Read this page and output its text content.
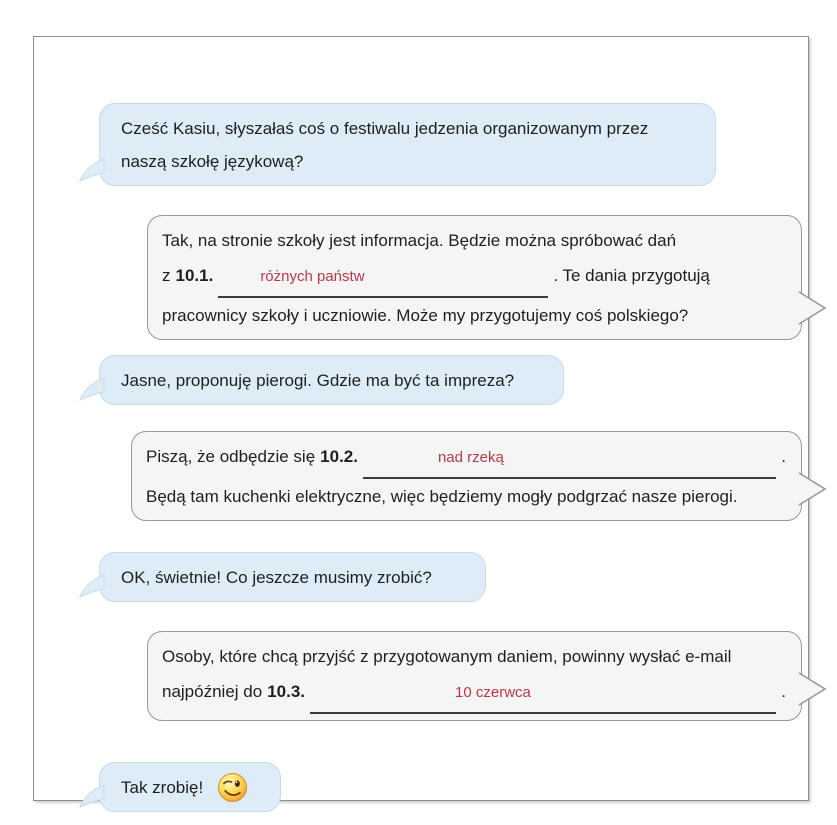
Cześć Kasiu, słyszałaś coś o festiwalu jedzenia organizowanym przez
naszą szkołę językową?
Tak, na stronie szkoły jest informacja. Będzie można spróbować dań
z 10.1.	różnych państw	. Te dania przygotują
pracownicy szkoły i uczniowie. Może my przygotujemy coś polskiego?
Jasne, proponuję pierogi. Gdzie ma być ta impreza?
Piszą, że odbędzie się 10.2.	nad rzeką	.
Będą tam kuchenki elektryczne, więc będziemy mogły podgrzać nasze pierogi.
OK, świetnie! Co jeszcze musimy zrobić?
Osoby, które chcą przyjść z przygotowanym daniem, powinny wysłać e-mail
najpóźniej do 10.3.	10 czerwca	.
Tak zrobię!
